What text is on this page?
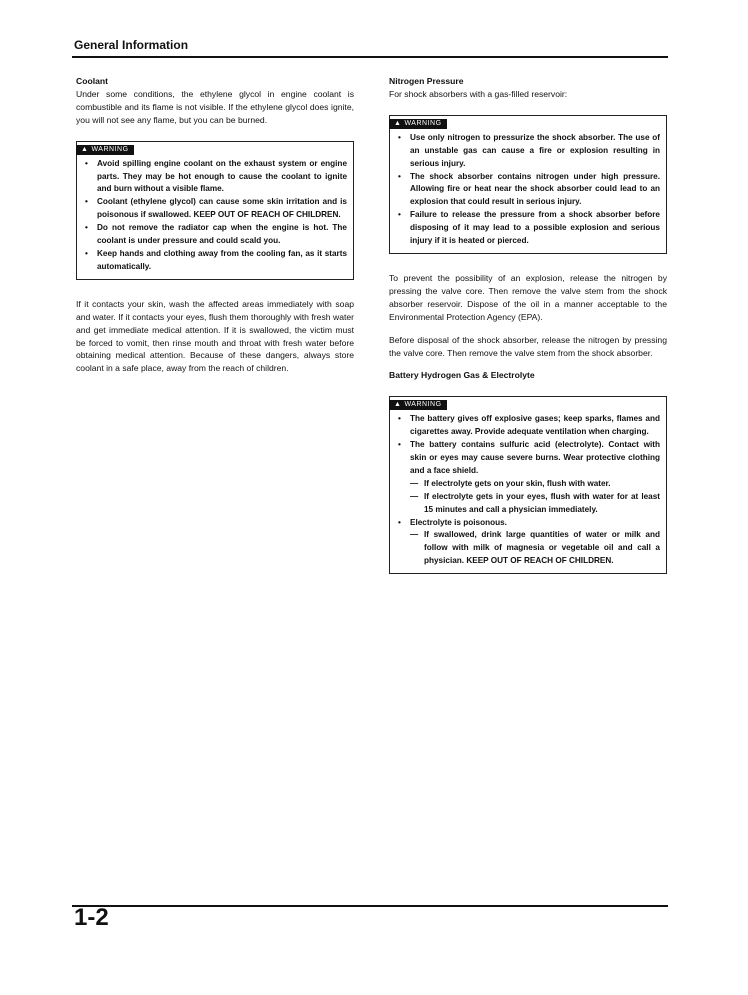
General Information

Coolant

Under some conditions, the ethylene glycol in engine coolant is combustible and its flame is not visible. If the ethylene glycol does ignite, you will not see any flame, but you can be burned.

▲ WARNING
• Avoid spilling engine coolant on the exhaust system or engine parts. They may be hot enough to cause the coolant to ignite and burn without a visible flame.
• Coolant (ethylene glycol) can cause some skin irritation and is poisonous if swallowed. KEEP OUT OF REACH OF CHILDREN.
• Do not remove the radiator cap when the engine is hot. The coolant is under pressure and could scald you.
• Keep hands and clothing away from the cooling fan, as it starts automatically.

If it contacts your skin, wash the affected areas immediately with soap and water. If it contacts your eyes, flush them thoroughly with fresh water and get immediate medical attention. If it is swallowed, the victim must be forced to vomit, then rinse mouth and throat with fresh water before obtaining medical attention. Because of these dangers, always store coolant in a safe place, away from the reach of children.

Nitrogen Pressure

For shock absorbers with a gas-filled reservoir:

▲ WARNING
• Use only nitrogen to pressurize the shock absorber. The use of an unstable gas can cause a fire or explosion resulting in serious injury.
• The shock absorber contains nitrogen under high pressure. Allowing fire or heat near the shock absorber could lead to an explosion that could result in serious injury.
• Failure to release the pressure from a shock absorber before disposing of it may lead to a possible explosion and serious injury if it is heated or pierced.

To prevent the possibility of an explosion, release the nitrogen by pressing the valve core. Then remove the valve stem from the shock absorber reservoir. Dispose of the oil in a manner acceptable to the Environmental Protection Agency (EPA).

Before disposal of the shock absorber, release the nitrogen by pressing the valve core. Then remove the valve stem from the shock absorber.

Battery Hydrogen Gas & Electrolyte

▲ WARNING
• The battery gives off explosive gases; keep sparks, flames and cigarettes away. Provide adequate ventilation when charging.
• The battery contains sulfuric acid (electrolyte). Contact with skin or eyes may cause severe burns. Wear protective clothing and a face shield.
— If electrolyte gets on your skin, flush with water.
— If electrolyte gets in your eyes, flush with water for at least 15 minutes and call a physician immediately.
• Electrolyte is poisonous.
— If swallowed, drink large quantities of water or milk and follow with milk of magnesia or vegetable oil and call a physician. KEEP OUT OF REACH OF CHILDREN.
1-2
